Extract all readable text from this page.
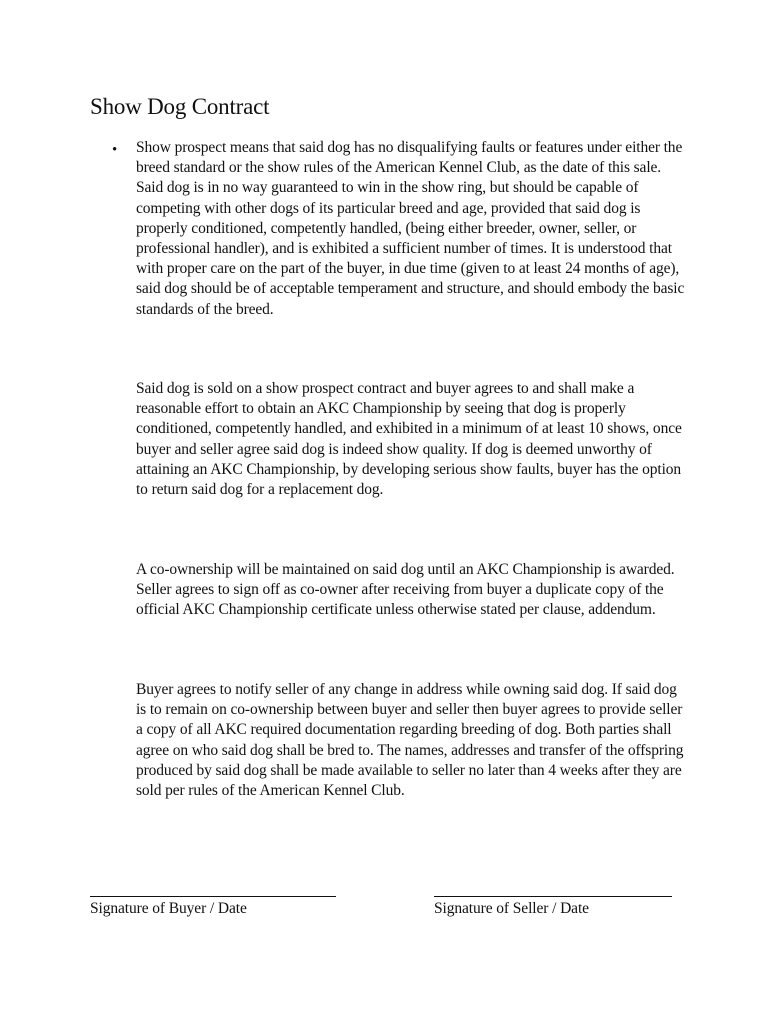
Show Dog Contract
• Show prospect means that said dog has no disqualifying faults or features under either the breed standard or the show rules of the American Kennel Club, as the date of this sale. Said dog is in no way guaranteed to win in the show ring, but should be capable of competing with other dogs of its particular breed and age, provided that said dog is properly conditioned, competently handled, (being either breeder, owner, seller, or professional handler), and is exhibited a sufficient number of times. It is understood that with proper care on the part of the buyer, in due time (given to at least 24 months of age), said dog should be of acceptable temperament and structure, and should embody the basic standards of the breed.

Said dog is sold on a show prospect contract and buyer agrees to and shall make a reasonable effort to obtain an AKC Championship by seeing that dog is properly conditioned, competently handled, and exhibited in a minimum of at least 10 shows, once buyer and seller agree said dog is indeed show quality. If dog is deemed unworthy of attaining an AKC Championship, by developing serious show faults, buyer has the option to return said dog for a replacement dog.

A co-ownership will be maintained on said dog until an AKC Championship is awarded. Seller agrees to sign off as co-owner after receiving from buyer a duplicate copy of the official AKC Championship certificate unless otherwise stated per clause, addendum.

Buyer agrees to notify seller of any change in address while owning said dog. If said dog is to remain on co-ownership between buyer and seller then buyer agrees to provide seller a copy of all AKC required documentation regarding breeding of dog. Both parties shall agree on who said dog shall be bred to. The names, addresses and transfer of the offspring produced by said dog shall be made available to seller no later than 4 weeks after they are sold per rules of the American Kennel Club.

Signature of Buyer / Date	Signature of Seller / Date
